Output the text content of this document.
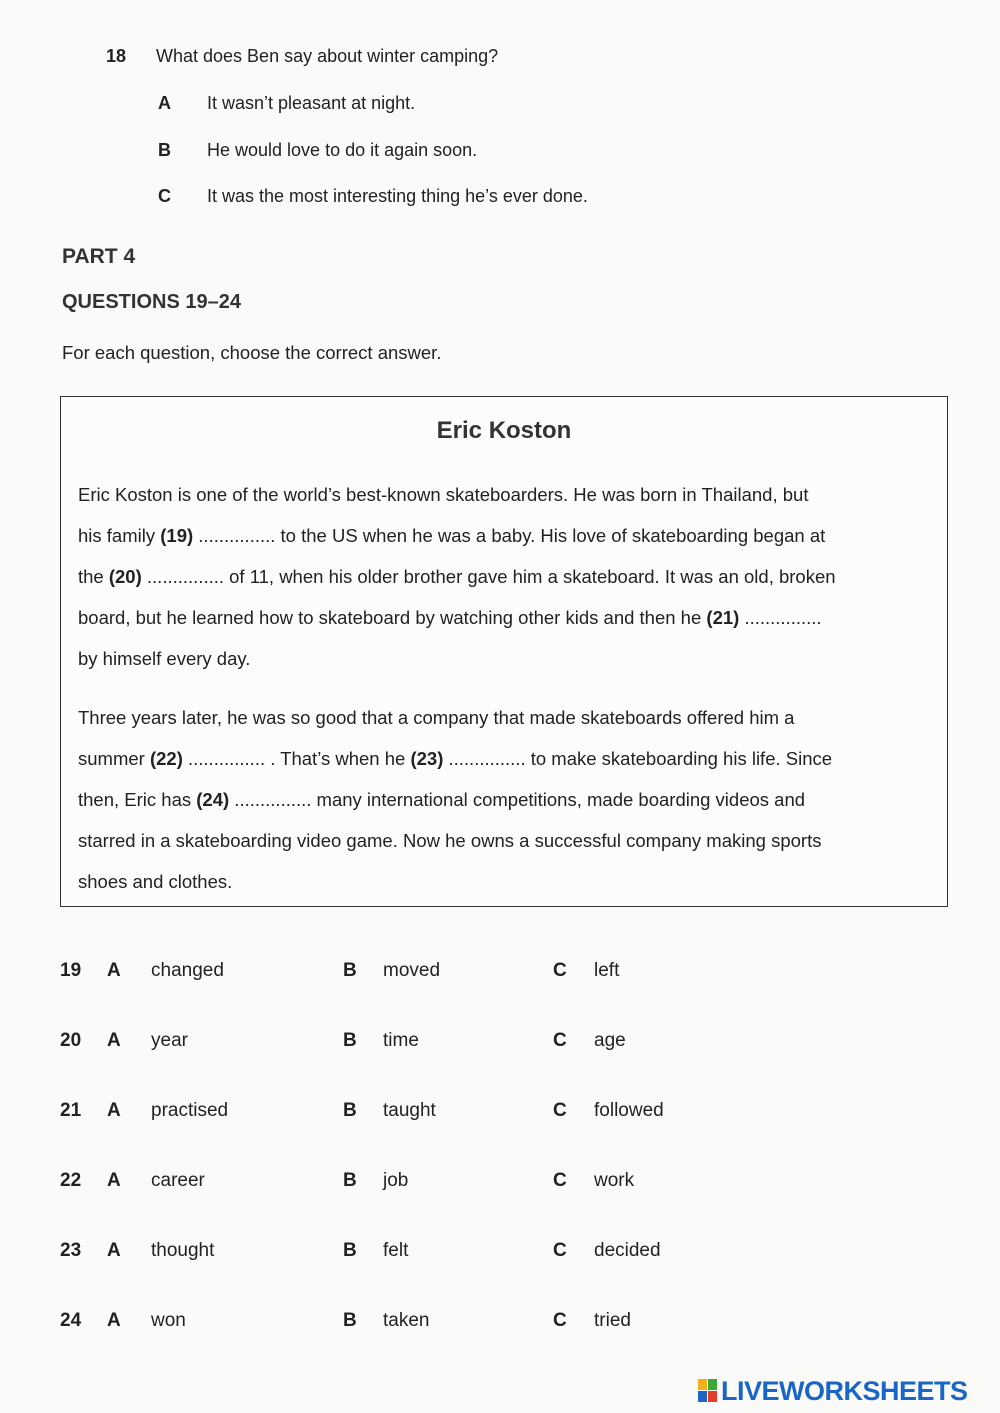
18 What does Ben say about winter camping?
A It wasn’t pleasant at night.
B He would love to do it again soon.
C It was the most interesting thing he’s ever done.
PART 4
QUESTIONS 19–24
For each question, choose the correct answer.
Eric Koston
Eric Koston is one of the world’s best-known skateboarders. He was born in Thailand, but
his family (19) ............... to the US when he was a baby. His love of skateboarding began at
the (20) ............... of 11, when his older brother gave him a skateboard. It was an old, broken
board, but he learned how to skateboard by watching other kids and then he (21) ...............
by himself every day.
Three years later, he was so good that a company that made skateboards offered him a
summer (22) ............... . That’s when he (23) ............... to make skateboarding his life. Since
then, Eric has (24) ............... many international competitions, made boarding videos and
starred in a skateboarding video game. Now he owns a successful company making sports
shoes and clothes.
19 A changed	B moved	C left
20 A year	B time	C age
21 A practised	B taught	C followed
22 A career	B job	C work
23 A thought	B felt	C decided
24 A won	B taken	C tried
LIVEWORKSHEETS
